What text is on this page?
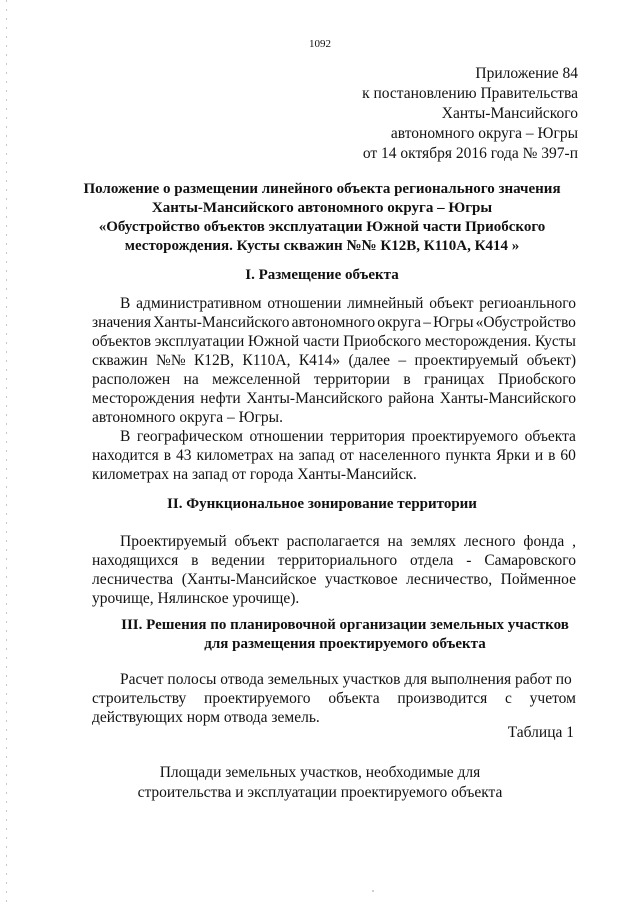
1092
Приложение 84
к постановлению Правительства
Ханты-Мансийского
автономного округа – Югры
от 14 октября 2016 года № 397-п
Положение о размещении линейного объекта регионального значения
Ханты-Мансийского автономного округа – Югры
«Обустройство объектов эксплуатации Южной части Приобского
месторождения. Кусты скважин №№ К12В, К110А, К414 »
I. Размещение объекта
В административном отношении лимнейный объект региоанльного
значения Ханты-Мансийского автономного округа – Югры «Обустройство
объектов эксплуатации Южной части Приобского месторождения. Кусты
скважин №№ К12В, К110А, К414» (далее – проектируемый объект)
расположен на межселенной территории в границах Приобского
месторождения нефти Ханты-Мансийского района Ханты-Мансийского
автономного округа – Югры.
В географическом отношении территория проектируемого объекта
находится в 43 километрах на запад от населенного пункта Ярки и в 60
километрах на запад от города Ханты-Мансийск.
II. Функциональное зонирование территории
Проектируемый объект располагается на землях лесного фонда ,
находящихся в ведении территориального отдела - Самаровского
лесничества (Ханты-Мансийское участковое лесничество, Пойменное
урочище, Нялинское урочище).
III. Решения по планировочной организации земельных участков
для размещения проектируемого объекта
Расчет полосы отвода земельных участков для выполнения работ по
строительству проектируемого объекта производится с учетом
действующих норм отвода земель.
Таблица 1
Площади земельных участков, необходимые для
строительства и эксплуатации проектируемого объекта
